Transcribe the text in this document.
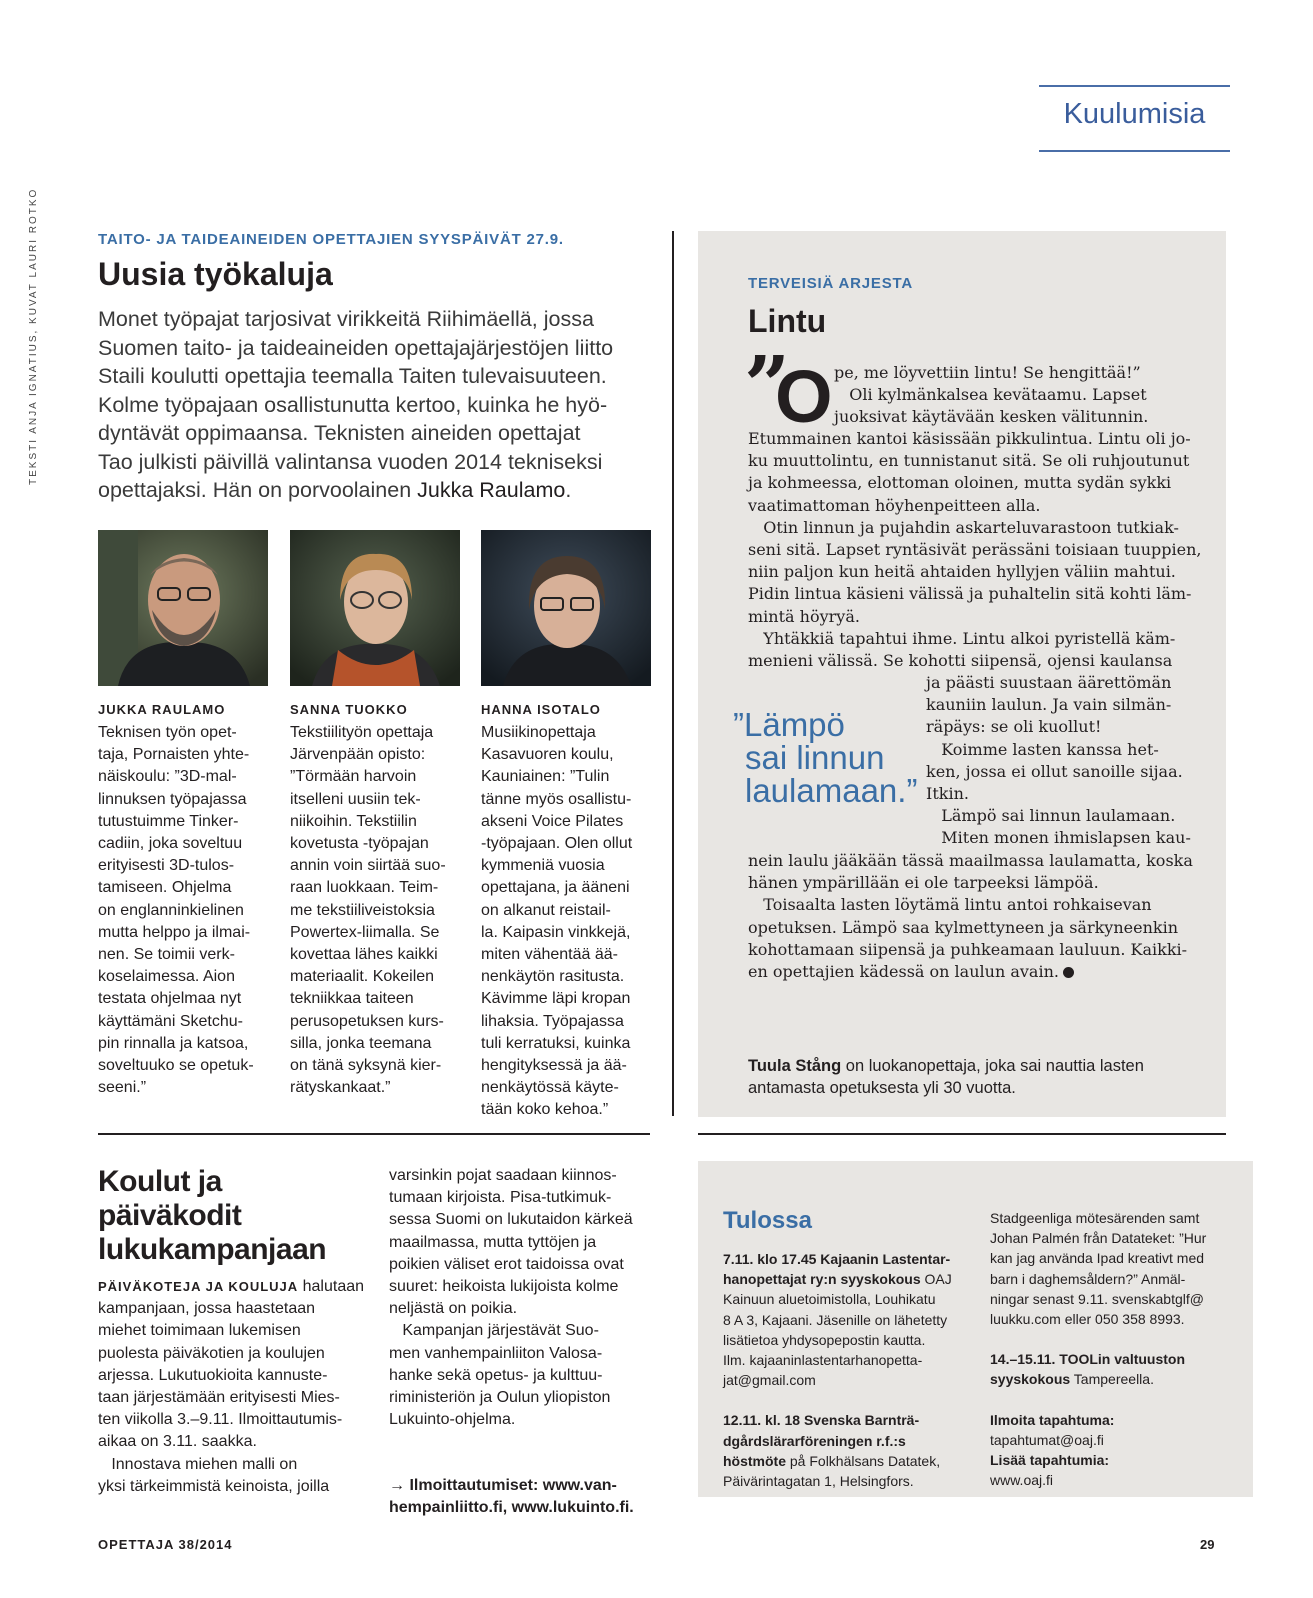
Kuulumisia
TEKSTI ANJA IGNATIUS, KUVAT LAURI ROTKO	TAITO- JA TAIDEAINEIDEN OPETTAJIEN SYYSPÄIVÄT 27.9.
Uusia työkaluja
Monet työpajat tarjosivat virikkeitä Riihimäellä, jossa
Suomen taito- ja taideaineiden opettajajärjestöjen liitto
Staili koulutti opettajia teemalla Taiten tulevaisuuteen.
Kolme työpajaan osallistunutta kertoo, kuinka he hyö-
dyntävät oppimaansa. Teknisten aineiden opettajat
Tao julkisti päivillä valintansa vuoden 2014 tekniseksi
opettajaksi. Hän on porvoolainen Jukka Raulamo.
JUKKA RAULAMO
Teknisen työn opet-
taja, Pornaisten yhte-
näiskoulu: ”3D-mal-
linnuksen työpajassa
tutustuimme Tinker-
cadiin, joka soveltuu
erityisesti 3D-tulos-
tamiseen. Ohjelma
on englanninkielinen
mutta helppo ja ilmai-
nen. Se toimii verk-
koselaimessa. Aion
testata ohjelmaa nyt
käyttämäni Sketchu-
pin rinnalla ja katsoa,
soveltuuko se opetuk-
seeni.”
SANNA TUOKKO
Tekstiilityön opettaja
Järvenpään opisto:
”Törmään harvoin
itselleni uusiin tek-
niikoihin. Tekstiilin
kovetusta -työpajan
annin voin siirtää suo-
raan luokkaan. Teim-
me tekstiiliveistoksia
Powertex-liimalla. Se
kovettaa lähes kaikki
materiaalit. Kokeilen
tekniikkaa taiteen
perusopetuksen kurs-
silla, jonka teemana
on tänä syksynä kier-
rätyskankaat.”
HANNA ISOTALO
Musiikinopettaja
Kasavuoren koulu,
Kauniainen: ”Tulin
tänne myös osallistu-
akseni Voice Pilates
-työpajaan. Olen ollut
kymmeniä vuosia
opettajana, ja ääneni
on alkanut reistail-
la. Kaipasin vinkkejä,
miten vähentää ää-
nenkäytön rasitusta.
Kävimme läpi kropan
lihaksia. Työpajassa
tuli kerratuksi, kuinka
hengityksessä ja ää-
nenkäytössä käyte-
tään koko kehoa.”
TERVEISIÄ ARJESTA
Lintu
”
O pe, me löyvettiin lintu! Se hengittää!”
Oli kylmänkalsea kevätaamu. Lapset
juoksivat käytävään kesken välitunnin.
Etummainen kantoi käsissään pikkulintua. Lintu oli jo-
ku muuttolintu, en tunnistanut sitä. Se oli ruhjoutunut
ja kohmeessa, elottoman oloinen, mutta sydän sykki
vaatimattoman höyhenpeitteen alla.
Otin linnun ja pujahdin askarteluvarastoon tutkiak-
seni sitä. Lapset ryntäsivät perässäni toisiaan tuuppien,
niin paljon kun heitä ahtaiden hyllyjen väliin mahtui.
Pidin lintua käsieni välissä ja puhaltelin sitä kohti läm-
mintä höyryä.
Yhtäkkiä tapahtui ihme. Lintu alkoi pyristellä käm-
menieni välissä. Se kohotti siipensä, ojensi kaulansa
ja päästi suustaan äärettömän
kauniin laulun. Ja vain silmän-
räpäys: se oli kuollut!
Koimme lasten kanssa het-
ken, jossa ei ollut sanoille sijaa.
Itkin.
Lämpö sai linnun laulamaan.
Miten monen ihmislapsen kau-
nein laulu jääkään tässä maailmassa laulamatta, koska
hänen ympärillään ei ole tarpeeksi lämpöä.
Toisaalta lasten löytämä lintu antoi rohkaisevan
opetuksen. Lämpö saa kylmettyneen ja särkyneenkin
kohottamaan siipensä ja puhkeamaan lauluun. Kaikki-
en opettajien kädessä on laulun avain.
”Lämpö
sai linnun
laulamaan.”
Tuula Stång on luokanopettaja, joka sai nauttia lasten
antamasta opetuksesta yli 30 vuotta.
Koulut ja
päiväkodit
lukukampanjaan
PÄIVÄKOTEJA JA KOULUJA halutaan
kampanjaan, jossa haastetaan
miehet toimimaan lukemisen
puolesta päiväkotien ja koulujen
arjessa. Lukutuokioita kannuste-
taan järjestämään erityisesti Mies-
ten viikolla 3.–9.11. Ilmoittautumis-
aikaa on 3.11. saakka.
Innostava miehen malli on
yksi tärkeimmistä keinoista, joilla
varsinkin pojat saadaan kiinnos-
tumaan kirjoista. Pisa-tutkimuk-
sessa Suomi on lukutaidon kärkeä
maailmassa, mutta tyttöjen ja
poikien väliset erot taidoissa ovat
suuret: heikoista lukijoista kolme
neljästä on poikia.
Kampanjan järjestävät Suo-
men vanhempainliiton Valosa-
hanke sekä opetus- ja kulttuu-
riministeriön ja Oulun yliopiston
Lukuinto-ohjelma.
→ Ilmoittautumiset: www.van-
hempainliitto.fi, www.lukuinto.fi.
Tulossa
7.11. klo 17.45 Kajaanin Lastentar-
hanopettajat ry:n syyskokous OAJ
Kainuun aluetoimistolla, Louhikatu
8 A 3, Kajaani. Jäsenille on lähetetty
lisätietoa yhdysopepostin kautta.
Ilm. kajaaninlastentarhanopetta-
jat@gmail.com
12.11. kl. 18 Svenska Barnträ-
dgårdslärarföreningen r.f.:s
höstmöte på Folkhälsans Datatek,
Päivärintagatan 1, Helsingfors.
Stadgeenliga mötesärenden samt
Johan Palmén från Datateket: ”Hur
kan jag använda Ipad kreativt med
barn i daghemsåldern?” Anmäl-
ningar senast 9.11. svenskabtglf@
luukku.com eller 050 358 8993.
14.–15.11. TOOLin valtuuston
syyskokous Tampereella.
Ilmoita tapahtuma:
tapahtumat@oaj.fi
Lisää tapahtumia:
www.oaj.fi
OPETTAJA 38/2014	29
